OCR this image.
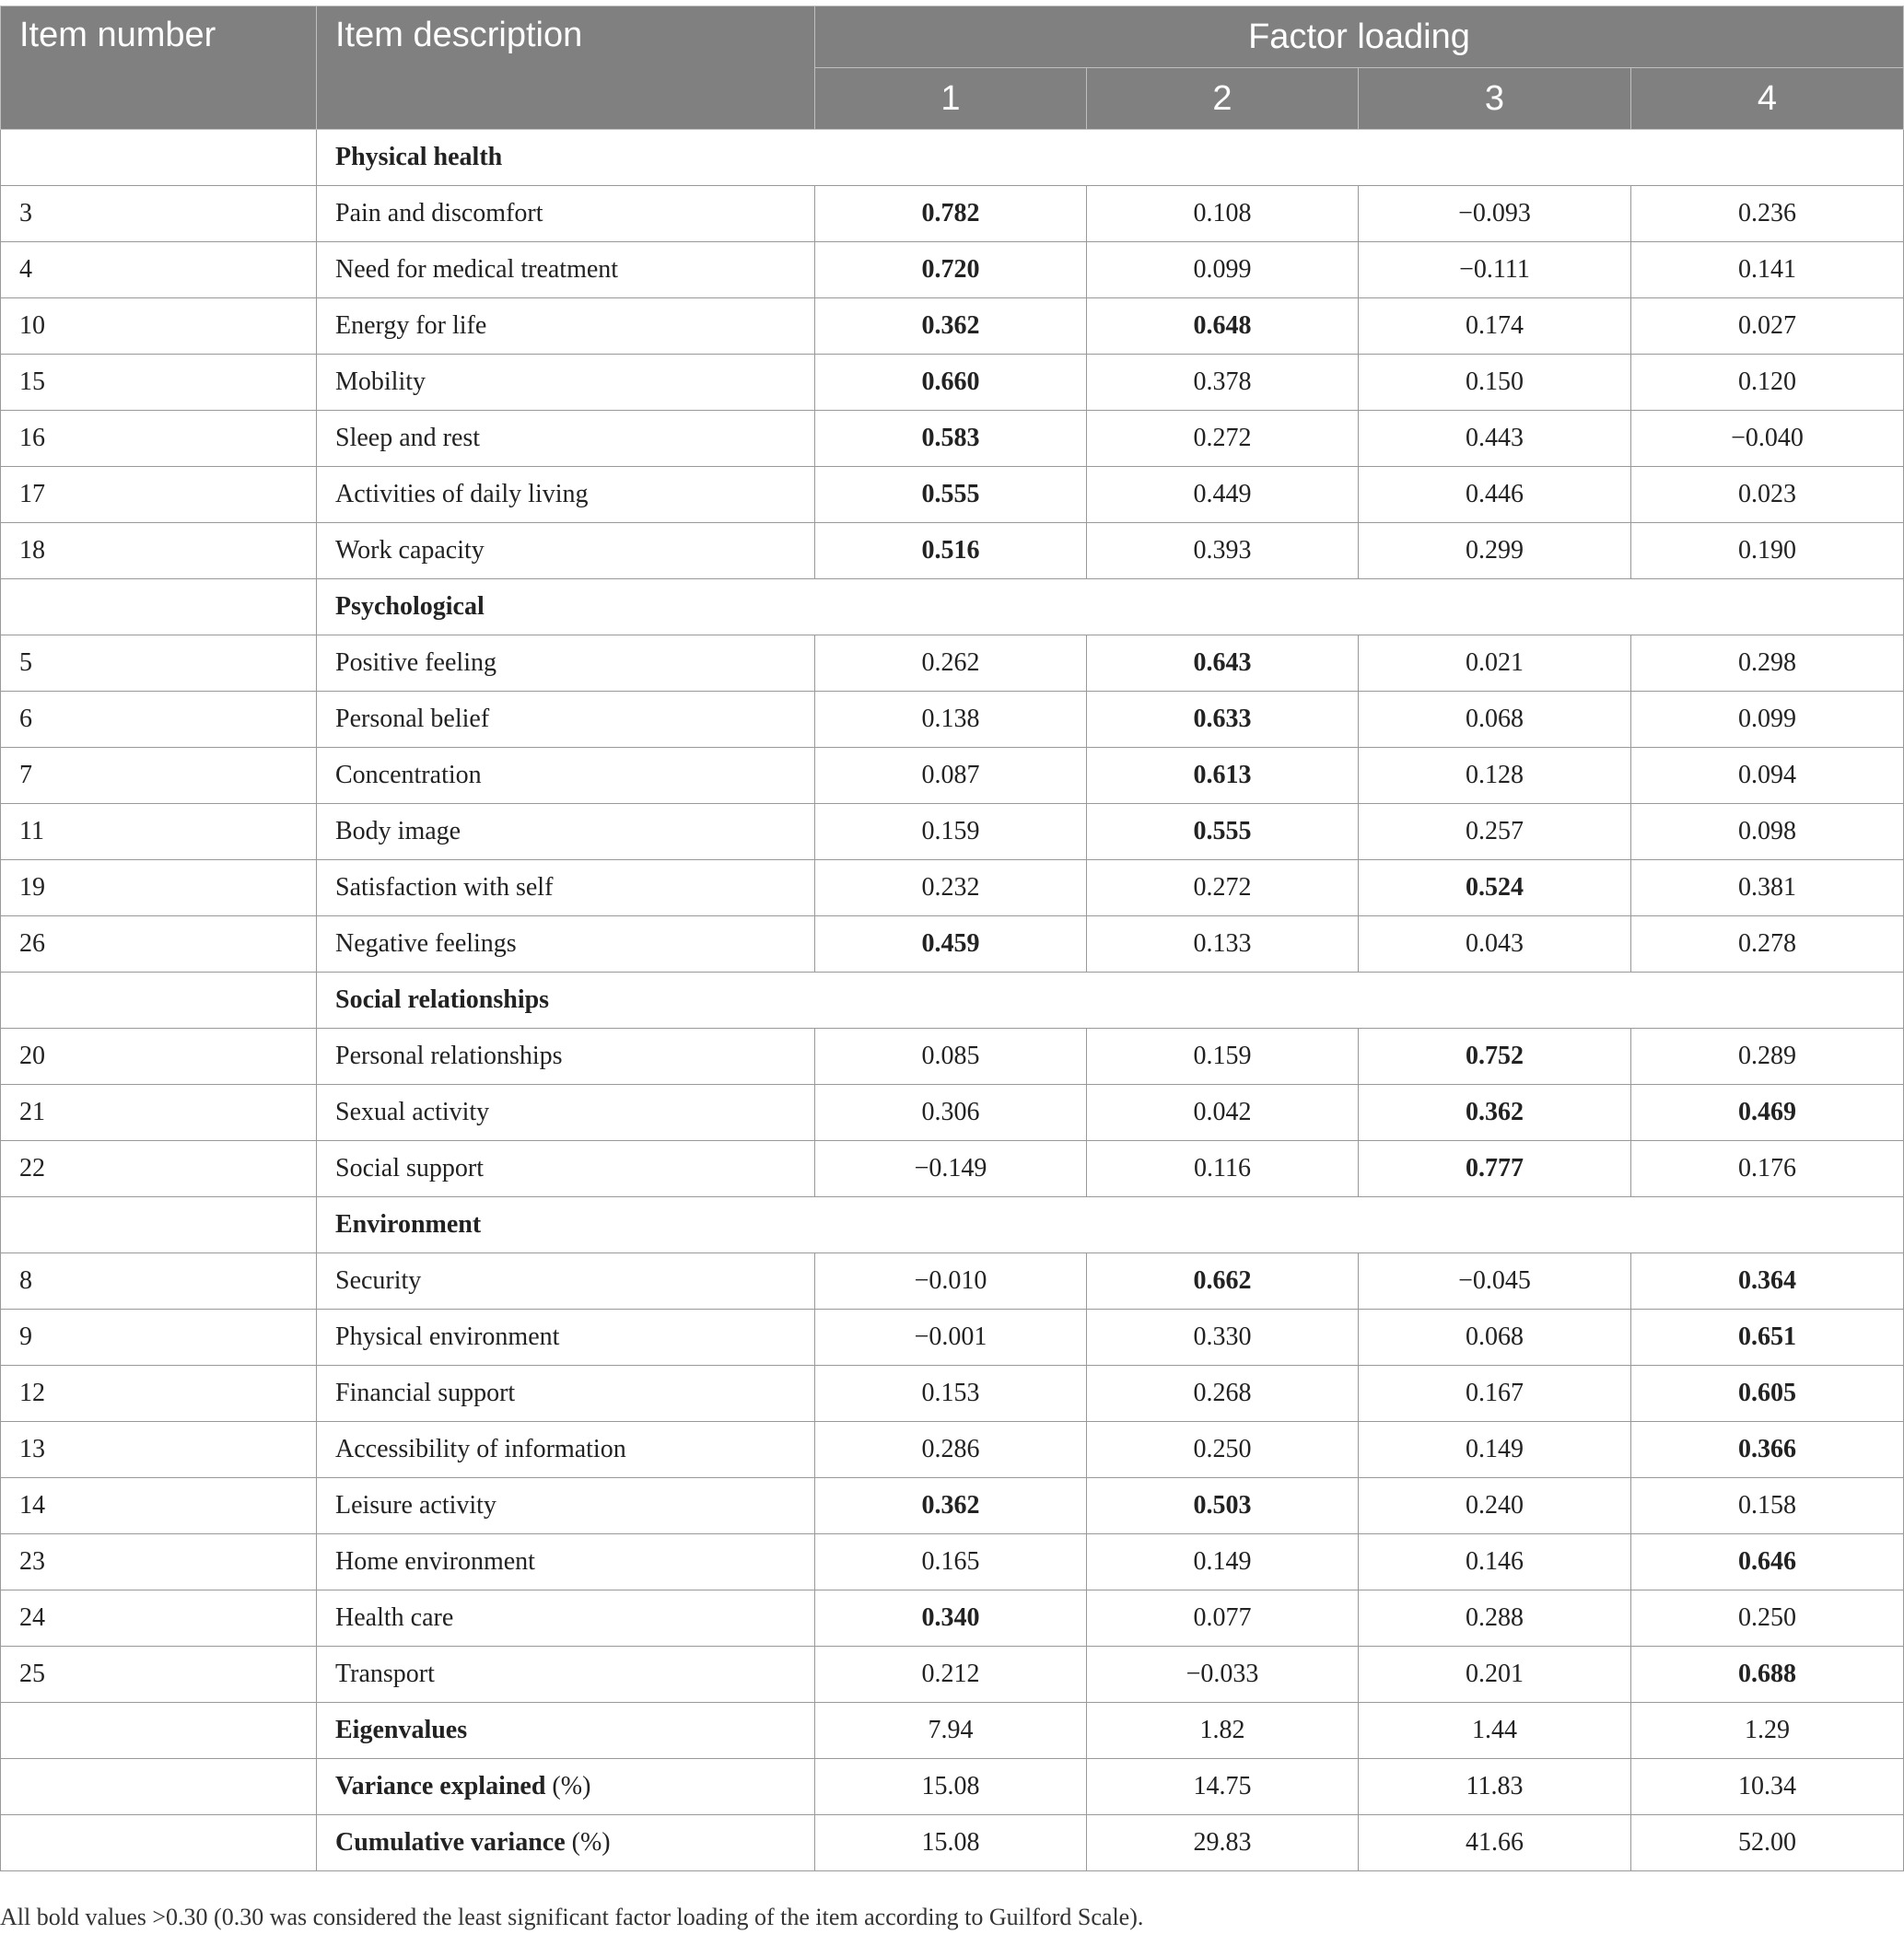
Item number	Item description	Factor loading			
		1	2	3	4
	Physical health				
3	Pain and discomfort	0.782	0.108	−0.093	0.236
4	Need for medical treatment	0.720	0.099	−0.111	0.141
10	Energy for life	0.362	0.648	0.174	0.027
15	Mobility	0.660	0.378	0.150	0.120
16	Sleep and rest	0.583	0.272	0.443	−0.040
17	Activities of daily living	0.555	0.449	0.446	0.023
18	Work capacity	0.516	0.393	0.299	0.190
	Psychological				
5	Positive feeling	0.262	0.643	0.021	0.298
6	Personal belief	0.138	0.633	0.068	0.099
7	Concentration	0.087	0.613	0.128	0.094
11	Body image	0.159	0.555	0.257	0.098
19	Satisfaction with self	0.232	0.272	0.524	0.381
26	Negative feelings	0.459	0.133	0.043	0.278
	Social relationships				
20	Personal relationships	0.085	0.159	0.752	0.289
21	Sexual activity	0.306	0.042	0.362	0.469
22	Social support	−0.149	0.116	0.777	0.176
	Environment				
8	Security	−0.010	0.662	−0.045	0.364
9	Physical environment	−0.001	0.330	0.068	0.651
12	Financial support	0.153	0.268	0.167	0.605
13	Accessibility of information	0.286	0.250	0.149	0.366
14	Leisure activity	0.362	0.503	0.240	0.158
23	Home environment	0.165	0.149	0.146	0.646
24	Health care	0.340	0.077	0.288	0.250
25	Transport	0.212	−0.033	0.201	0.688
	Eigenvalues	7.94	1.82	1.44	1.29
	Variance explained (%)	15.08	14.75	11.83	10.34
	Cumulative variance (%)	15.08	29.83	41.66	52.00
All bold values >0.30 (0.30 was considered the least significant factor loading of the item according to Guilford Scale).
